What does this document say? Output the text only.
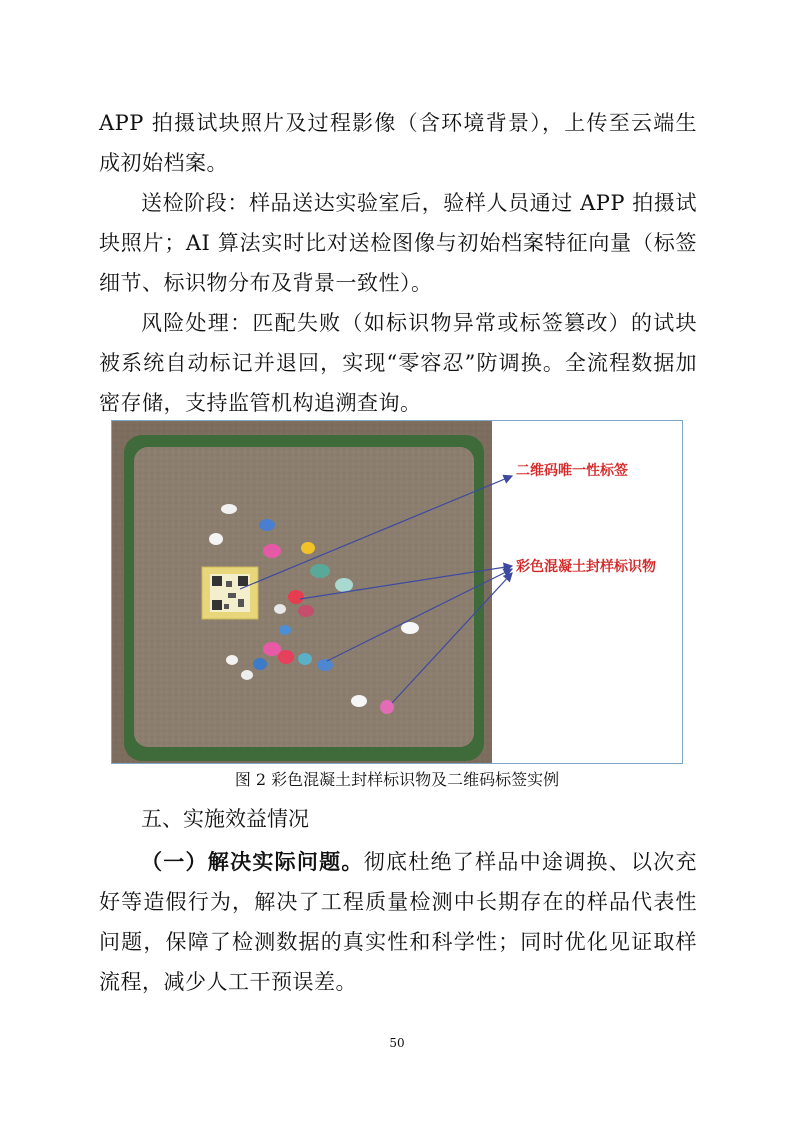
APP 拍摄试块照片及过程影像（含环境背景），上传至云端生成初始档案。

送检阶段：样品送达实验室后，验样人员通过 APP 拍摄试块照片；AI 算法实时比对送检图像与初始档案特征向量（标签细节、标识物分布及背景一致性）。

风险处理：匹配失败（如标识物异常或标签篡改）的试块被系统自动标记并退回，实现“零容忍”防调换。全流程数据加密存储，支持监管机构追溯查询。

二维码唯一性标签
彩色混凝土封样标识物
图 2 彩色混凝土封样标识物及二维码标签实例
五、实施效益情况

（一）解决实际问题。彻底杜绝了样品中途调换、以次充好等造假行为，解决了工程质量检测中长期存在的样品代表性问题，保障了检测数据的真实性和科学性；同时优化见证取样流程，减少人工干预误差。

50
